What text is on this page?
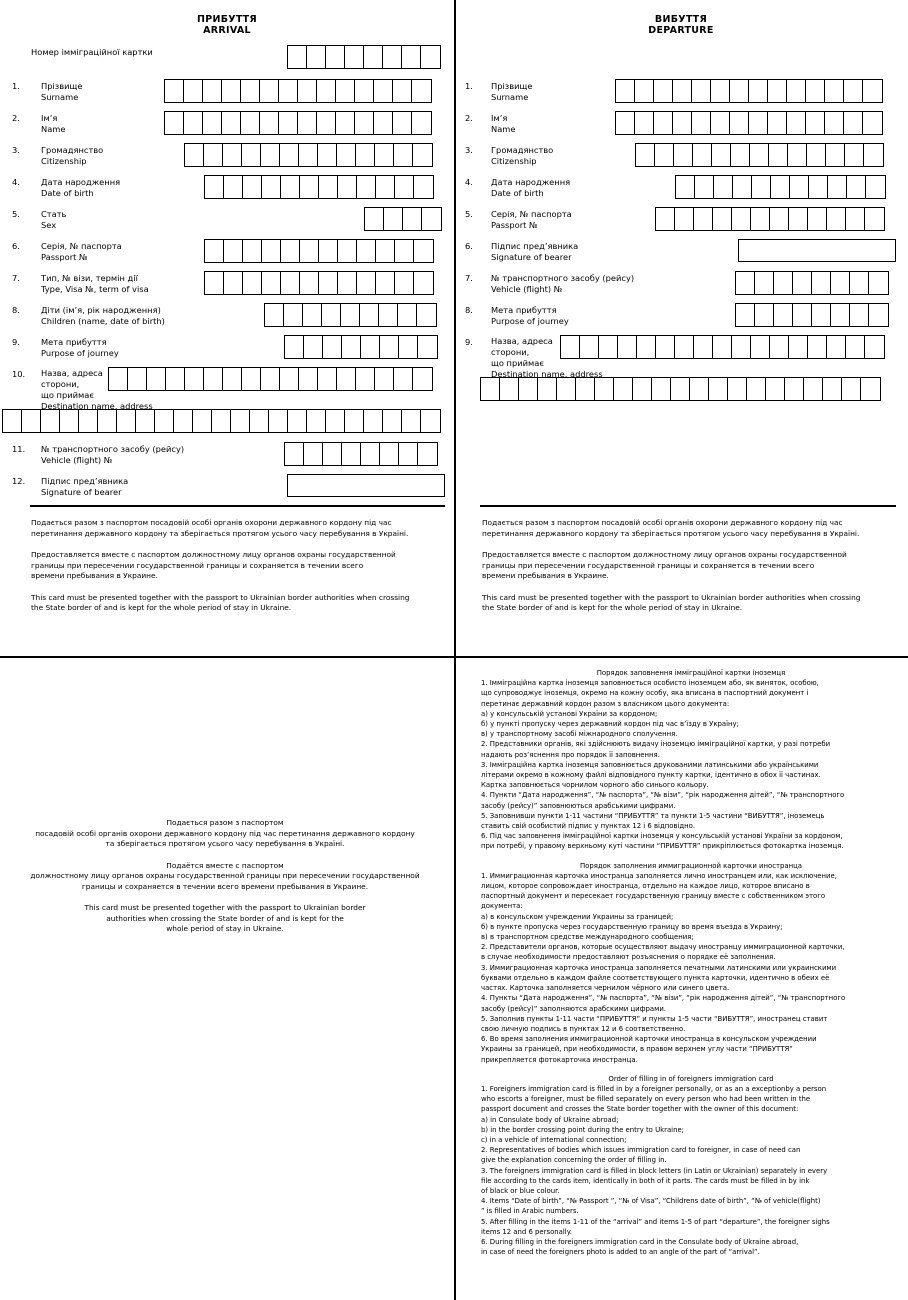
ПРИБУТТЯ
ARRIVAL
Номер імміграційної картки
1.	Прізвище
Surname
2.	Ім’я
Name
3.	Громадянство
Citizenship
4.	Дата народження
Date of birth
5.	Стать
Sex
6.	Серія, № паспорта
Passport №
7.	Тип, № візи, термін дії
Type, Visa №, term of visa
8.	Діти (ім’я, рік народження)
Children (name, date of birth)
9.	Мета прибуття
Purpose of journey
10. Назва, адреса
сторони,
що приймає
Destination name, address
11. № транспортного засобу (рейсу)
Vehicle (flight) №
12. Підпис пред’явника
Signature of bearer

Подається разом з паспортом посадовій особі органів охорони державного кордону під час
перетинання державного кордону та зберігається протягом усього часу перебування в Україні.

Предоставляется вместе с паспортом должностному лицу органов охраны государственной
границы при пересечении государственной границы и сохраняется в течении всего
времени пребывания в Украине.

This card must be presented together with the passport to Ukrainian border authorities when crossing
the State border of and is kept for the whole period of stay in Ukraine.

ВИБУТТЯ
DEPARTURE
1. Прізвище
Surname
2. Ім’я
Name
3. Громадянство
Citizenship
4. Дата народження
Date of birth
5. Серія, № паспорта
Passport №
6. Підпис пред’явника
Signature of bearer
7. № транспортного засобу (рейсу)
Vehicle (flight) №
8. Мета прибуття
Purpose of journey
9. Назва, адреса
сторони,
що приймає
Destination name, address

Подається разом з паспортом посадовій особі органів охорони державного кордону під час
перетинання державного кордону та зберігається протягом усього часу перебування в Україні.

Предоставляется вместе с паспортом должностному лицу органов охраны государственной
границы при пересечении государственной границы и сохраняется в течении всего
времени пребывания в Украине.

This card must be presented together with the passport to Ukrainian border authorities when crossing
the State border of and is kept for the whole period of stay in Ukraine.

Подається разом з паспортом
посадовій особі органів охорони державного кордону під час перетинання державного кордону
та зберігається протягом усього часу перебування в Україні.

Подаётся вместе с паспортом
должностному лицу органов охраны государственной границы при пересечении государственной
границы и сохраняется в течении всего времени пребывания в Украине.

This card must be presented together with the passport to Ukrainian border
authorities when crossing the State border of and is kept for the
whole period of stay in Ukraine.

Порядок заповнення імміграційної картки іноземця
1. Імміграційна картка іноземця заповнюється особисто іноземцем або, як виняток, особою,
що супроводжує іноземця, окремо на кожну особу, яка вписана в паспортний документ і
перетинає державний кордон разом з власником цього документа:
а) у консульській установі України за кордоном;
б) у пункті пропуску через державний кордон під час в’їзду в Україну;
в) у транспортному засобі міжнародного сполучення.
2. Представники органів, які здійснюють видачу іноземцю імміграційної картки, у разі потреби
надають роз’яснення про порядок її заповнення.
3. Імміграційна картка іноземця заповнюється друкованими латинськими або українськими
літерами окремо в кожному файлі відповідного пункту картки, ідентично в обох її частинах.
Картка заповнюється чорнилом чорного або синього кольору.
4. Пункти “Дата народження”, “№ паспорта”, “№ візи”, “рік народження дітей”, “№ транспортного
засобу (рейсу)” заповнюються арабськими цифрами.
5. Заповнивши пункти 1-11 частини “ПРИБУТТЯ” та пункти 1-5 частини “ВИБУТТЯ”, іноземець
ставить свій особистий підпис у пунктах 12 і 6 відповідно.
6. Під час заповнення імміграційної картки іноземця у консульській установі України за кордоном,
при потребі, у правому верхньому куті частини “ПРИБУТТЯ” прикріплюється фотокартка іноземця.
Порядок заполнения иммиграционной карточки иностранца
1. Иммиграционная карточка иностранца заполняется лично иностранцем или, как исключение,
лицом, которое сопровождает иностранца, отдельно на каждое лицо, которое вписано в
паспортный документ и пересекает государственную границу вместе с собственником этого
документа:
а) в консульском учреждении Украины за границей;
б) в пункте пропуска через государственную границу во время въезда в Украину;
в) в транспортном средстве международного сообщения;
2. Представители органов, которые осуществляют выдачу иностранцу иммиграционной карточки,
в случае необходимости предоставляют розъяснения о порядке её заполнения.
3. Иммиграционная карточка иностранца заполняется печатными латинскими или украинскими
буквами отдельно в каждом файле соответствующего пункта карточки, идентично в обеих её
частях. Карточка заполняется чернилом чёрного или синего цвета.
4. Пункты “Дата народження”, “№ паспорта”, “№ візи”, “рік народження дітей”, “№ транспортного
засобу (рейсу)” заполняются арабскими цифрами.
5. Заполнив пункты 1-11 части “ПРИБУТТЯ” и пункты 1-5 части “ВИБУТТЯ”, иностранец ставит
свою личную подпись в пунктах 12 и 6 соответственно.
6. Во время заполнения иммиграционной карточки иностранца в консульском учреждении
Украины за границей, при необходимости, в правом верхнем углу части “ПРИБУТТЯ”
прикрепляется фотокарточка иностранца.
Order of filling in of foreigners immigration card
1. Foreigners immigration card is filled in by a foreigner personally, or as an a exceptionby a person
who escorts a foreigner, must be filled separately on every person who had been written in the
passport document and crosses the State border together with the owner of this document:
a) in Consulate body of Ukraine abroad;
b) in the border crossing point during the entry to Ukraine;
c) in a vehicle of international connection;
2. Representatives of bodies which issues immigration card to foreigner, in case of need can
give the explanation concerning the order of filling in.
3. The foreigners immigration card is filled in block letters (in Latin or Ukrainian) separately in every
file according to the cards item, identically in both of it parts. The cards must be filled in by ink
of black or blue colour.
4. Items “Date of birth”, “№ Passport ”, “№ of Visa”, “Childrens date of birth”, “№ of vehicle(flight)
” is filled in Arabic numbers.
5. After filling in the items 1-11 of the “arrival” and items 1-5 of part “departure”, the foreigner sighs
items 12 and 6 personally.
6. During filling in the foreigners immigration card in the Consulate body of Ukraine abroad,
in case of need the foreigners photo is added to an angle of the part of “arrival”.
